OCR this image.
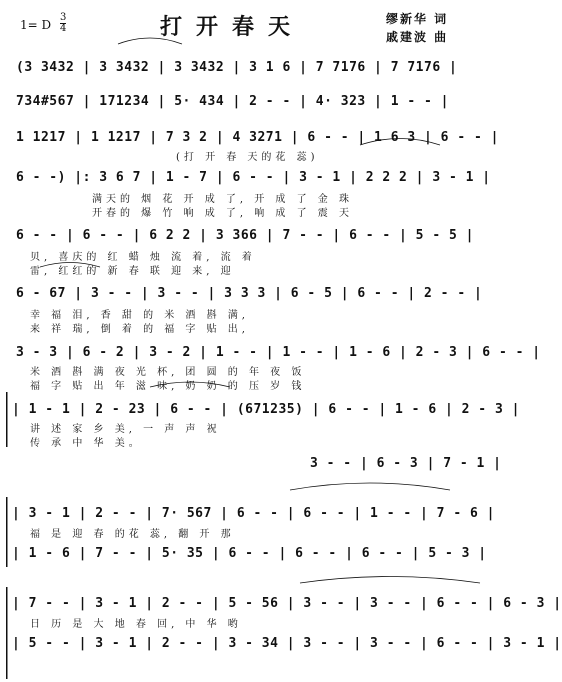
1= D $\frac{3}{4}$	打开春天	缪新华 词
戚建波 曲
(3 3432 | 3 3432 | 3 3432 | 3 1 6 | 7 7176 | 7 7176 |
734#567 | 171234 | 5· 434 | 2 - - | 4· 323 | 1 - - |
1 1217 | 1 1217 | 7 3 2 | 4 3271 | 6 - - | 1 6 3 | 6 - - |
(打 开 春 天的花 蕊)
6 - -) |: 3 6 7 | 1 - 7 | 6 - - | 3 - 1 | 2 2 2 | 3 - 1 |
满天的 烟 花 开 成 了, 开 成 了 金 珠
开春的 爆 竹 响 成 了, 响 成 了 震 天
6 - - | 6 - - | 6 2 2 | 3 366 | 7 - - | 6 - - | 5 - 5 |
贝, 喜庆的 红 蜡 烛 流 着, 流 着
雷, 红红的 新 春 联 迎 来, 迎
6 - 67 | 3 - - | 3 - - | 3 3 3 | 6 - 5 | 6 - - | 2 - - |
幸 福 泪, 香 甜 的 米 酒 斟 满,
来 祥 瑞, 倒 着 的 福 字 贴 出,
3 - 3 | 6 - 2 | 3 - 2 | 1 - - | 1 - - | 1 - 6 | 2 - 3 | 6 - - |
米 酒 斟 满 夜 光 杯, 团 圆 的 年 夜 饭
福 字 贴 出 年 滋 味, 奶 奶 的 压 岁 钱
| 1 - 1 | 2 - 23 | 6 - - | (671235) | 6 - - | 1 - 6 | 2 - 3 |
讲 述 家 乡 美, 一 声 声 祝
传 承 中 华 美。
3 - - | 6 - 3 | 7 - 1 |
| 3 - 1 | 2 - - | 7· 567 | 6 - - | 6 - - | 1 - - | 7 - 6 |
福 是 迎 春 的花 蕊, 翻 开 那
| 1 - 6 | 7 - - | 5· 35 | 6 - - | 6 - - | 6 - - | 5 - 3 |
| 7 - - | 3 - 1 | 2 - - | 5 - 56 | 3 - - | 3 - - | 6 - - | 6 - 3 |
日 历 是 大 地 春 回, 中 华 哟
| 5 - - | 3 - 1 | 2 - - | 3 - 34 | 3 - - | 3 - - | 6 - - | 3 - 1 |
